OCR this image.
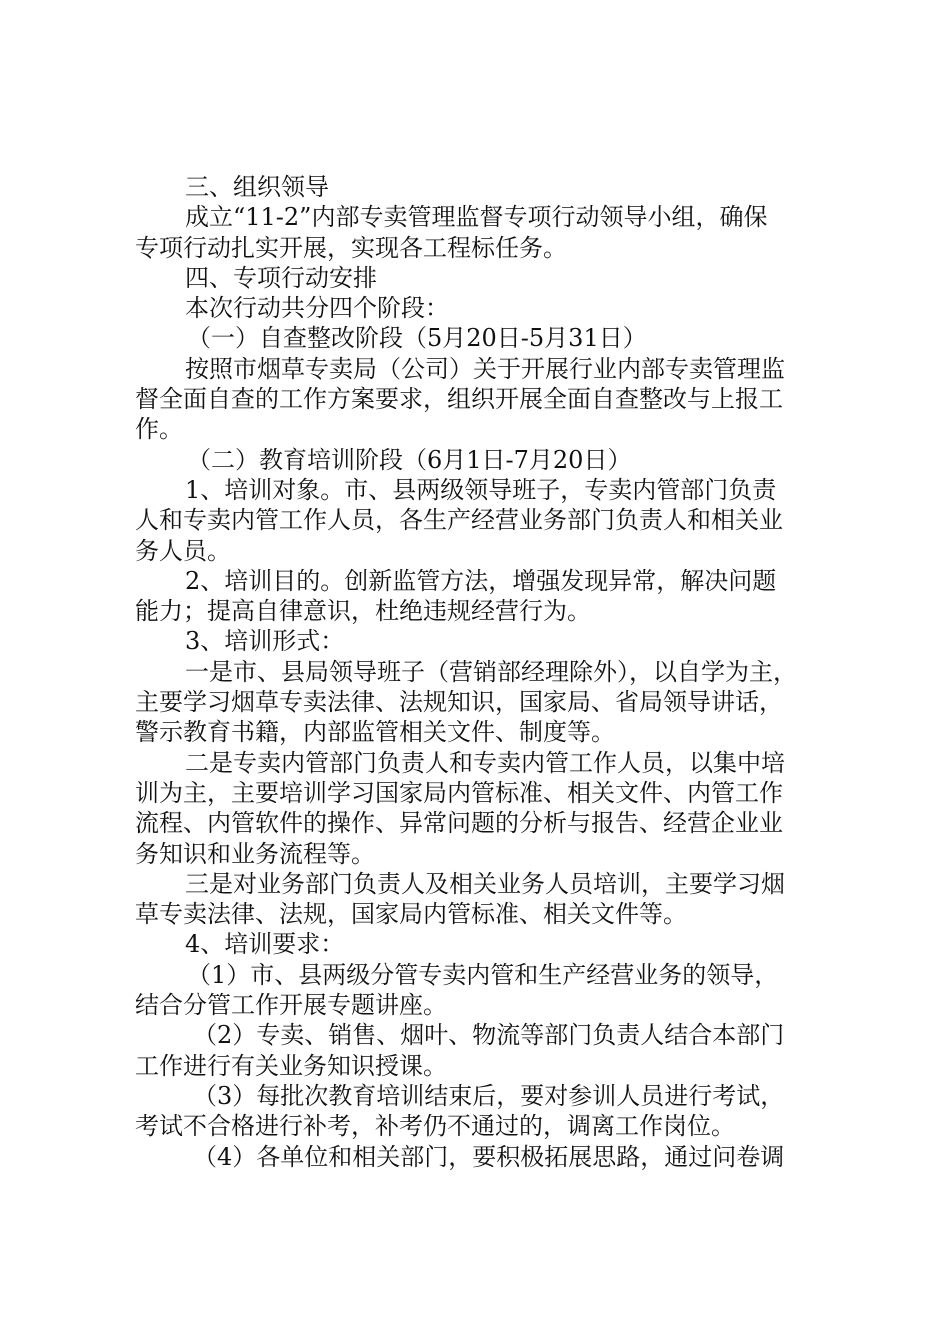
三、组织领导
成立“11-2”内部专卖管理监督专项行动领导小组，确保
专项行动扎实开展，实现各工程标任务。
四、专项行动安排
本次行动共分四个阶段：
（一）自查整改阶段（5月20日-5月31日）
按照市烟草专卖局（公司）关于开展行业内部专卖管理监
督全面自查的工作方案要求，组织开展全面自查整改与上报工
作。
（二）教育培训阶段（6月1日-7月20日）
1、培训对象。市、县两级领导班子，专卖内管部门负责
人和专卖内管工作人员，各生产经营业务部门负责人和相关业
务人员。
2、培训目的。创新监管方法，增强发现异常，解决问题
能力；提高自律意识，杜绝违规经营行为。
3、培训形式：
一是市、县局领导班子（营销部经理除外），以自学为主，
主要学习烟草专卖法律、法规知识，国家局、省局领导讲话，
警示教育书籍，内部监管相关文件、制度等。
二是专卖内管部门负责人和专卖内管工作人员，以集中培
训为主，主要培训学习国家局内管标准、相关文件、内管工作
流程、内管软件的操作、异常问题的分析与报告、经营企业业
务知识和业务流程等。
三是对业务部门负责人及相关业务人员培训，主要学习烟
草专卖法律、法规，国家局内管标准、相关文件等。
4、培训要求：
（1）市、县两级分管专卖内管和生产经营业务的领导，
结合分管工作开展专题讲座。
（2）专卖、销售、烟叶、物流等部门负责人结合本部门
工作进行有关业务知识授课。
（3）每批次教育培训结束后，要对参训人员进行考试，
考试不合格进行补考，补考仍不通过的，调离工作岗位。
（4）各单位和相关部门，要积极拓展思路，通过问卷调
